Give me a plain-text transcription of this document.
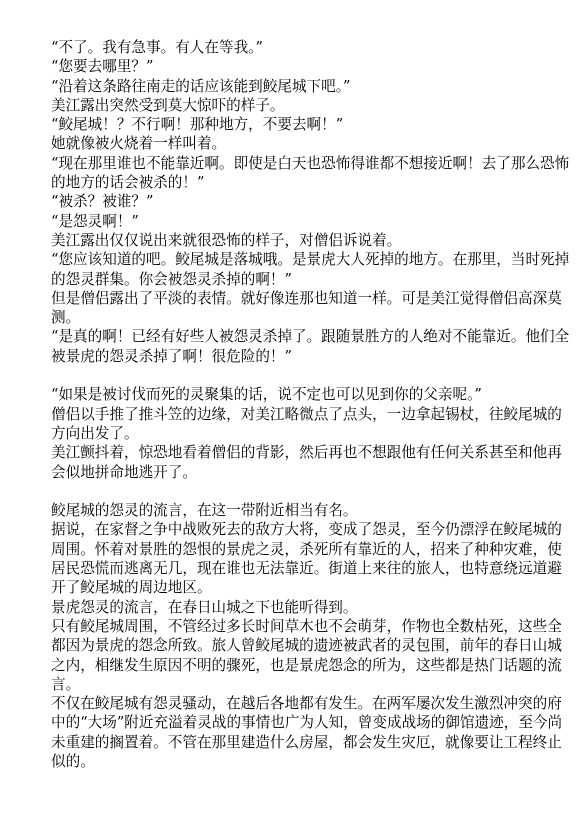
“不了。我有急事。有人在等我。”

“您要去哪里？”

“沿着这条路往南走的话应该能到鲛尾城下吧。”

美江露出突然受到莫大惊吓的样子。

“鲛尾城！？不行啊！那种地方，不要去啊！”

她就像被火烧着一样叫着。

“现在那里谁也不能靠近啊。即使是白天也恐怖得谁都不想接近啊！去了那么恐怖的地方的话会被杀的！”

“被杀？被谁？”

“是怨灵啊！”

美江露出仅仅说出来就很恐怖的样子，对僧侣诉说着。

“您应该知道的吧。鲛尾城是落城哦。是景虎大人死掉的地方。在那里，当时死掉的怨灵群集。你会被怨灵杀掉的啊！”

但是僧侣露出了平淡的表情。就好像连那也知道一样。可是美江觉得僧侣高深莫测。

“是真的啊！已经有好些人被怨灵杀掉了。跟随景胜方的人绝对不能靠近。他们全被景虎的怨灵杀掉了啊！很危险的！”

“如果是被讨伐而死的灵聚集的话，说不定也可以见到你的父亲呢。”

僧侣以手推了推斗笠的边缘，对美江略微点了点头，一边拿起锡杖，往鲛尾城的方向出发了。

美江颤抖着，惊恐地看着僧侣的背影，然后再也不想跟他有任何关系甚至和他再会似地拼命地逃开了。

鲛尾城的怨灵的流言，在这一带附近相当有名。

据说，在家督之争中战败死去的敌方大将，变成了怨灵，至今仍漂浮在鲛尾城的周围。怀着对景胜的怨恨的景虎之灵，杀死所有靠近的人，招来了种种灾难，使居民恐慌而逃离无几，现在谁也无法靠近。街道上来往的旅人，也特意绕远道避开了鲛尾城的周边地区。

景虎怨灵的流言，在春日山城之下也能听得到。

只有鲛尾城周围，不管经过多长时间草木也不会萌芽，作物也全数枯死，这些全都因为景虎的怨念所致。旅人曾鲛尾城的遗迹被武者的灵包围，前年的春日山城之内，相继发生原因不明的骤死，也是景虎怨念的所为，这些都是热门话题的流言。

不仅在鲛尾城有怨灵骚动，在越后各地都有发生。在两军屡次发生激烈冲突的府中的“大场”附近充溢着灵战的事情也广为人知，曾变成战场的御馆遗迹，至今尚未重建的搁置着。不管在那里建造什么房屋，都会发生灾厄，就像要让工程终止似的。
